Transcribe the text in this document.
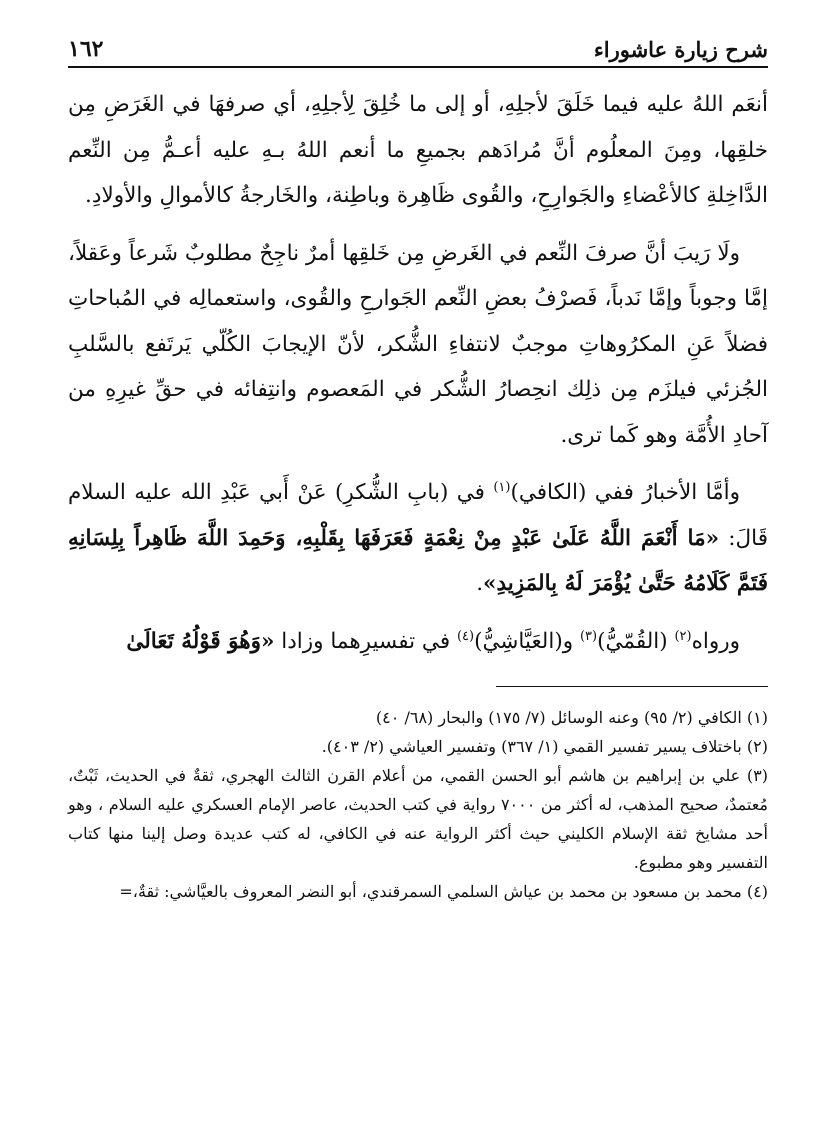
شرح زيارة عاشوراء
١٦٢

أنعَم اللهُ عليه فيما خَلَقَ لأجلِهِ، أو إلى ما خُلِقَ لِأجلِهِ، أي صرفهَا في الغَرَضِ مِن خلقِها، ومِنَ المعلُوم أنَّ مُرادَهم بجميعِ ما أنعم اللهُ بـهِ عليه أعـمُّ مِن النِّعم الدَّاخِلةِ كالأعْضاءِ والجَوارِحِ، والقُوى ظَاهِرة وباطِنة، والخَارجةُ كالأموالِ والأولادِ.

ولَا رَيبَ أنَّ صرفَ النِّعم في الغَرضِ مِن خَلقِها أمرٌ ناجِحٌ مطلوبٌ شَرعاً وعَقلاً، إمَّا وجوباً وإمَّا نَدباً، فَصرْفُ بعضِ النِّعم الجَوارحِ والقُوى، واستعمالِه في المُباحاتِ فضلاً عَنِ المكرُوهاتِ موجبٌ لانتفاءِ الشُّكر، لأنّ الإيجابَ الكُلّي يَرتَفع بالسَّلبِ الجُزئي فيلزَم مِن ذلِك انحِصارُ الشُّكر في المَعصوم وانتِفائه في حقِّ غيرِهِ من آحادِ الأُمَّة وهو كَما ترى.

وأمَّا الأخبارُ ففي (الكافي)$^{(١)}$ في (بابِ الشُّكرِ) عَنْ أَبي عَبْدِ الله عليه السلام قَالَ: «مَا أَنْعَمَ اللَّهُ عَلَىٰ عَبْدٍ مِنْ نِعْمَةٍ فَعَرَفَهَا بِقَلْبِهِ، وَحَمِدَ اللَّهَ ظَاهِراً بِلِسَانِهِ فَتَمَّ كَلَامُهُ حَتَّىٰ يُؤْمَرَ لَهُ بِالمَزِيدِ».

ورواه$^{(٢)}$ (القُمّيُّ)$^{(٣)}$ و(العَيَّاشِيُّ)$^{(٤)}$ في تفسيرِهما وزادا «وَهُوَ قَوْلُهُ تَعَالَىٰ

(١) الكافي (٢/ ٩٥) وعنه الوسائل (٧/ ١٧٥) والبحار (٦٨/ ٤٠)

(٢) باختلاف يسير تفسير القمي (١/ ٣٦٧) وتفسير العياشي (٢/ ٤٠٣).

(٣) علي بن إبراهيم بن هاشم أبو الحسن القمي، من أعلام القرن الثالث الهجري، ثقةٌ في الحديث، ثَبْتٌ، مُعتمدٌ، صحيح المذهب، له أكثر من ٧٠٠٠ رواية في كتب الحديث، عاصر الإمام العسكري عليه السلام ، وهو أحد مشايخ ثقة الإسلام الكليني حيث أكثر الرواية عنه في الكافي، له كتب عديدة وصل إلينا منها كتاب التفسير وهو مطبوع.

(٤) محمد بن مسعود بن محمد بن عياش السلمي السمرقندي، أبو النضر المعروف بالعيَّاشي: ثقةٌ،=
